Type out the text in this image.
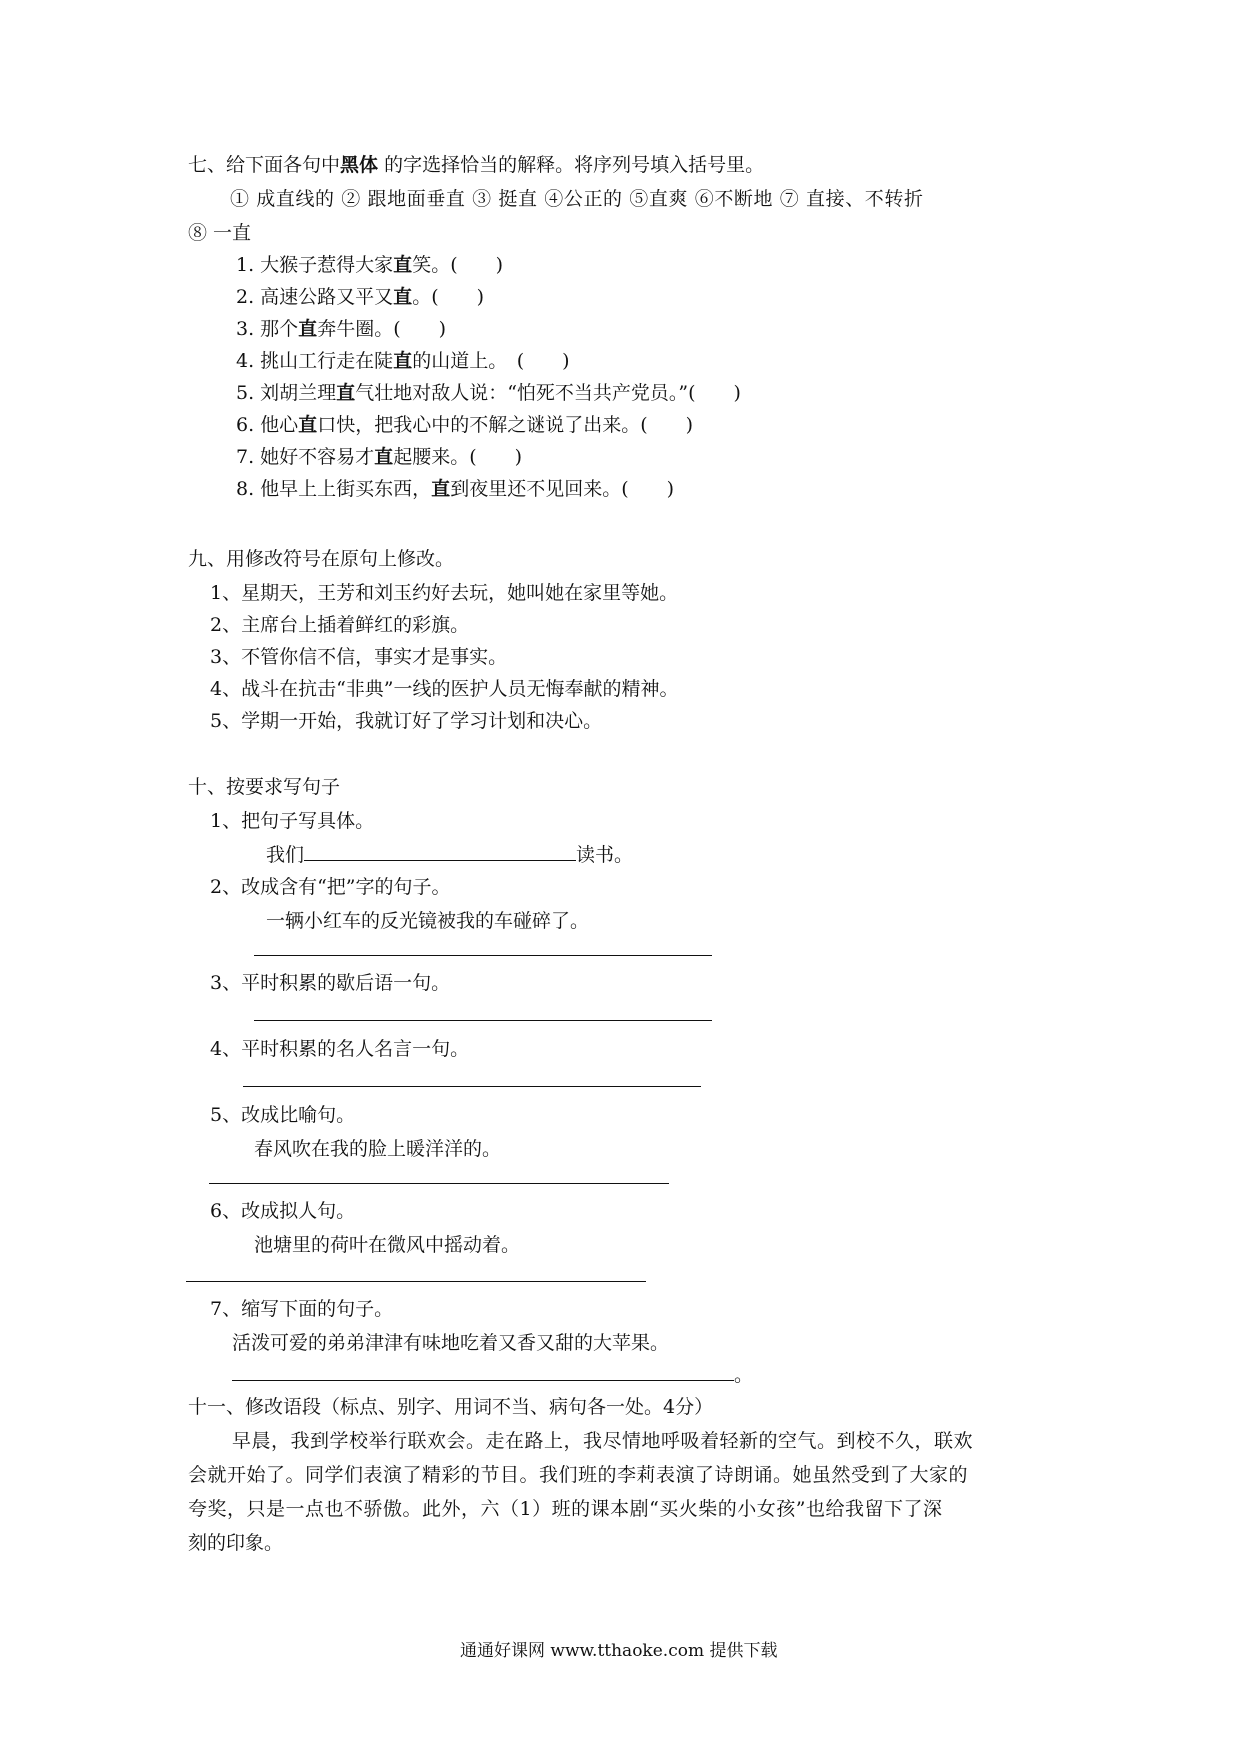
七、给下面各句中黑体 的字选择恰当的解释。将序列号填入括号里。
① 成直线的 ② 跟地面垂直 ③ 挺直 ④公正的 ⑤直爽 ⑥不断地 ⑦ 直接、不转折
⑧ 一直
1. 大猴子惹得大家直笑。(　　)
2. 高速公路又平又直。(　　)
3. 那个直奔牛圈。(　　)
4. 挑山工行走在陡直的山道上。　(　　)
5. 刘胡兰理直气壮地对敌人说：“怕死不当共产党员。”(　　)
6. 他心直口快，把我心中的不解之谜说了出来。(　　)
7. 她好不容易才直起腰来。(　　)
8. 他早上上街买东西，直到夜里还不见回来。(　　)
九、用修改符号在原句上修改。
1、星期天，王芳和刘玉约好去玩，她叫她在家里等她。
2、主席台上插着鲜红的彩旗。
3、不管你信不信，事实才是事实。
4、战斗在抗击“非典”一线的医护人员无悔奉献的精神。
5、学期一开始，我就订好了学习计划和决心。
十、按要求写句子
1、把句子写具体。
我们	读书。
2、改成含有“把”字的句子。
一辆小红车的反光镜被我的车碰碎了。
3、平时积累的歇后语一句。
4、平时积累的名人名言一句。
5、改成比喻句。
春风吹在我的脸上暖洋洋的。
6、改成拟人句。
池塘里的荷叶在微风中摇动着。
7、缩写下面的句子。
活泼可爱的弟弟津津有味地吃着又香又甜的大苹果。
。
十一、修改语段（标点、别字、用词不当、病句各一处。4分）
早晨，我到学校举行联欢会。走在路上，我尽情地呼吸着轻新的空气。到校不久，联欢
会就开始了。同学们表演了精彩的节目。我们班的李莉表演了诗朗诵。她虽然受到了大家的
夸奖，只是一点也不骄傲。此外，六（1）班的课本剧“买火柴的小女孩”也给我留下了深
刻的印象。
通通好课网 www.tthaoke.com 提供下载
